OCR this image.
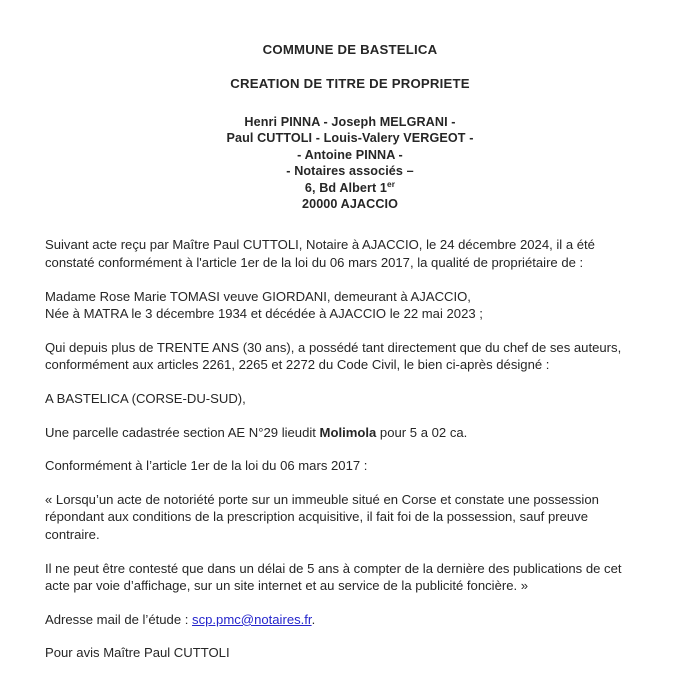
COMMUNE DE BASTELICA
CREATION DE TITRE DE PROPRIETE
Henri PINNA - Joseph MELGRANI -
Paul CUTTOLI - Louis-Valery VERGEOT -
- Antoine PINNA -
- Notaires associés –
6, Bd Albert 1er
20000 AJACCIO

Suivant acte reçu par Maître Paul CUTTOLI, Notaire à AJACCIO, le 24 décembre 2024, il a été
constaté conformément à l'article 1er de la loi du 06 mars 2017, la qualité de propriétaire de :

Madame Rose Marie TOMASI veuve GIORDANI, demeurant à AJACCIO,
Née à MATRA le 3 décembre 1934 et décédée à AJACCIO le 22 mai 2023 ;

Qui depuis plus de TRENTE ANS (30 ans), a possédé tant directement que du chef de ses auteurs,
conformément aux articles 2261, 2265 et 2272 du Code Civil, le bien ci-après désigné :

A BASTELICA (CORSE-DU-SUD),

Une parcelle cadastrée section AE N°29 lieudit Molimola pour 5 a 02 ca.

Conformément à l’article 1er de la loi du 06 mars 2017 :

« Lorsqu’un acte de notoriété porte sur un immeuble situé en Corse et constate une possession
répondant aux conditions de la prescription acquisitive, il fait foi de la possession, sauf preuve
contraire.

Il ne peut être contesté que dans un délai de 5 ans à compter de la dernière des publications de cet
acte par voie d’affichage, sur un site internet et au service de la publicité foncière. »

Adresse mail de l’étude : scp.pmc@notaires.fr.

Pour avis Maître Paul CUTTOLI
